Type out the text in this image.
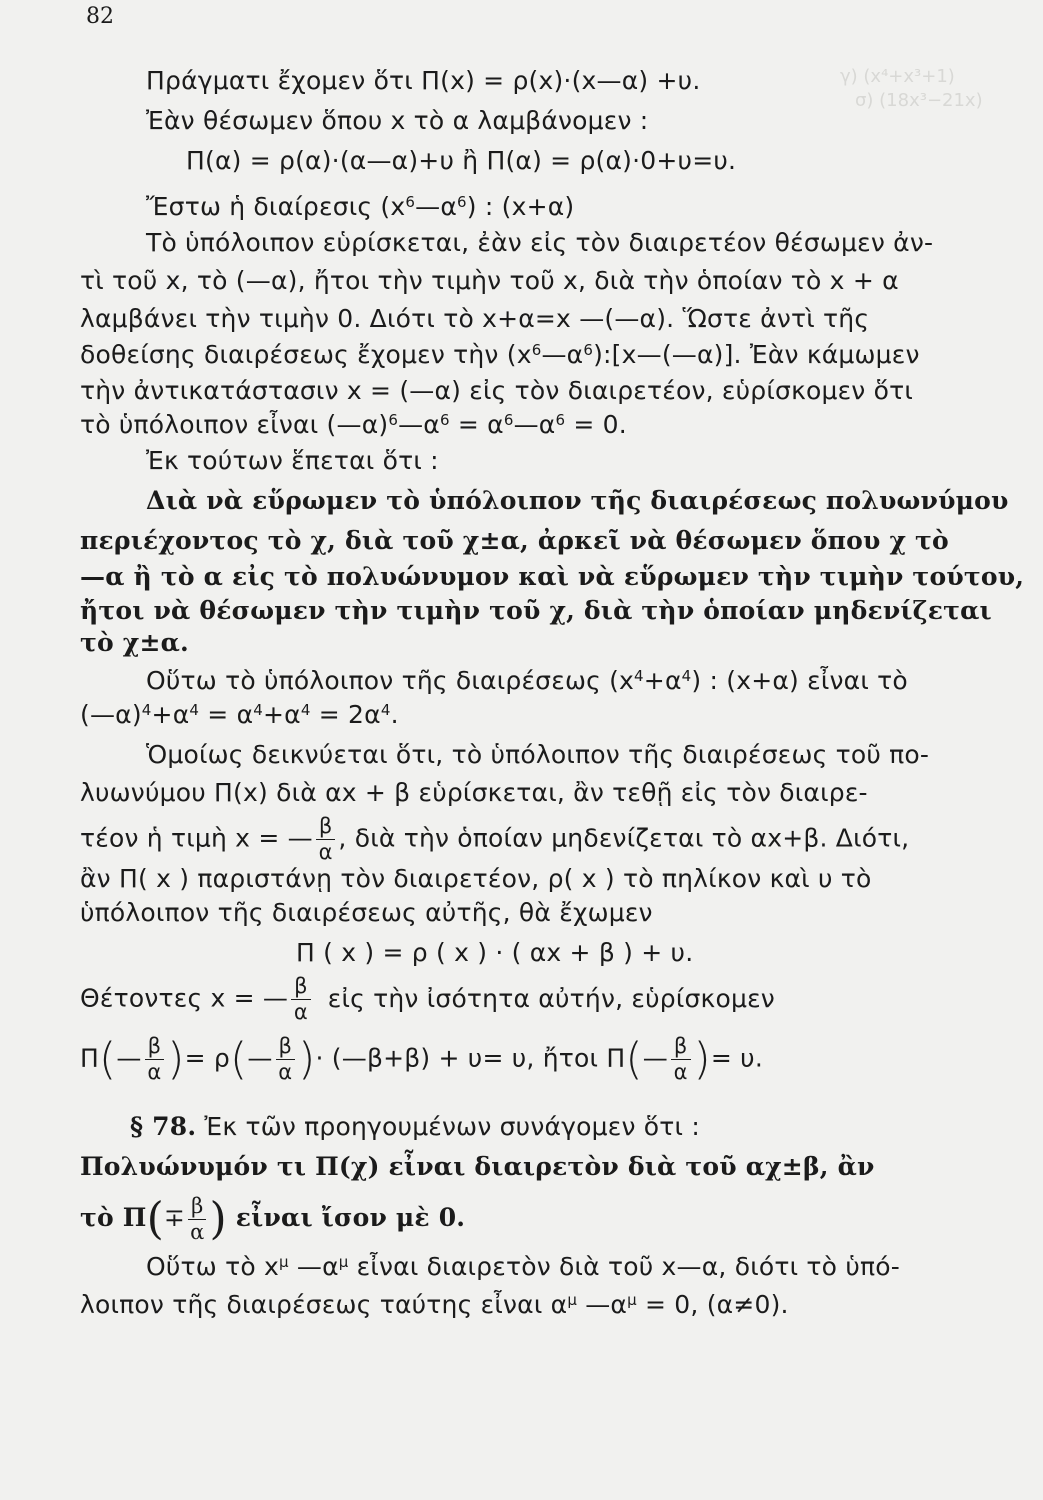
γ) (x⁴+x³+1)
σ) (18x³−21x)
82
Πράγματι ἔχομεν ὅτι Π(x) = ρ(x)·(x—α) +υ.
Ἐὰν θέσωμεν ὅπου x τὸ α λαμβάνομεν :
Π(α) = ρ(α)·(α—α)+υ ἢ Π(α) = ρ(α)·0+υ=υ.
Ἔστω ἡ διαίρεσις $(x^6—\alpha^6)$ : (x+α)
Τὸ ὑπόλοιπον εὑρίσκεται, ἐὰν εἰς τὸν διαιρετέον θέσωμεν ἀν-
τὶ τοῦ x, τὸ (—α), ἤτοι τὴν τιμὴν τοῦ x, διὰ τὴν ὁποίαν τὸ x + α
λαμβάνει τὴν τιμὴν 0. Διότι τὸ x+α=x —(—α). Ὥστε ἀντὶ τῆς
δοθείσης διαιρέσεως ἔχομεν τὴν $(x^6—\alpha^6):[x—(—\alpha)]$. Ἐὰν κάμωμεν
τὴν ἀντικατάστασιν x = (—α) εἰς τὸν διαιρετέον, εὑρίσκομεν ὅτι
τὸ ὑπόλοιπον εἶναι $(—\alpha)^6—\alpha^6$ = $\alpha^6—\alpha^6 = 0$.
Ἐκ τούτων ἕπεται ὅτι :
Διὰ νὰ εὕρωμεν τὸ ὑπόλοιπον τῆς διαιρέσεως πολυωνύμου
περιέχοντος τὸ χ, διὰ τοῦ χ±α, ἀρκεῖ νὰ θέσωμεν ὅπου χ τὸ
—α ἢ τὸ α εἰς τὸ πολυώνυμον καὶ νὰ εὕρωμεν τὴν τιμὴν τούτου,
ἤτοι νὰ θέσωμεν τὴν τιμὴν τοῦ χ, διὰ τὴν ὁποίαν μηδενίζεται
τὸ χ±α.
Οὕτω τὸ ὑπόλοιπον τῆς διαιρέσεως $(x^4+\alpha^4)$ : (x+α) εἶναι τὸ
$(—\alpha)^4+\alpha^4 = \alpha^4+\alpha^4 = 2\alpha^4$.
Ὁμοίως δεικνύεται ὅτι, τὸ ὑπόλοιπον τῆς διαιρέσεως τοῦ πο-
λυωνύμου Π(x) διὰ αx + β εὑρίσκεται, ἂν τεθῇ εἰς τὸν διαιρε-
τέον ἡ τιμὴ x = — $\frac{\beta}{\alpha}$ , διὰ τὴν ὁποίαν μηδενίζεται τὸ αx+β. Διότι,
ἂν Π( x ) παριστάνῃ τὸν διαιρετέον, ρ( x ) τὸ πηλίκον καὶ υ τὸ
ὑπόλοιπον τῆς διαιρέσεως αὐτῆς, θὰ ἔχωμεν
Π ( x ) = ρ ( x ) · ( αx + β ) + υ.
Θέτοντες x = — $\frac{\beta}{\alpha}$ εἰς τὴν ἰσότητα αὐτήν, εὑρίσκομεν
Π(— $\frac{\beta}{\alpha}$ )= ρ(— $\frac{\beta}{\alpha}$ )· (—β+β) + υ= υ, ἤτοι Π(— $\frac{\beta}{\alpha}$ )= υ.
§ 78. Ἐκ τῶν προηγουμένων συνάγομεν ὅτι :
Πολυώνυμόν τι Π(χ) εἶναι διαιρετὸν διὰ τοῦ αχ±β, ἂν
τὸ $\Pi(\mp \frac{\beta}{\alpha}$ ) εἶναι ἴσον μὲ 0.
Οὕτω τὸ $x^\mu$ $—\alpha^\mu$ εἶναι διαιρετὸν διὰ τοῦ x—α, διότι τὸ ὑπό-
λοιπον τῆς διαιρέσεως ταύτης εἶναι $\alpha^\mu$ $—\alpha^\mu = 0$, (α≠0).
